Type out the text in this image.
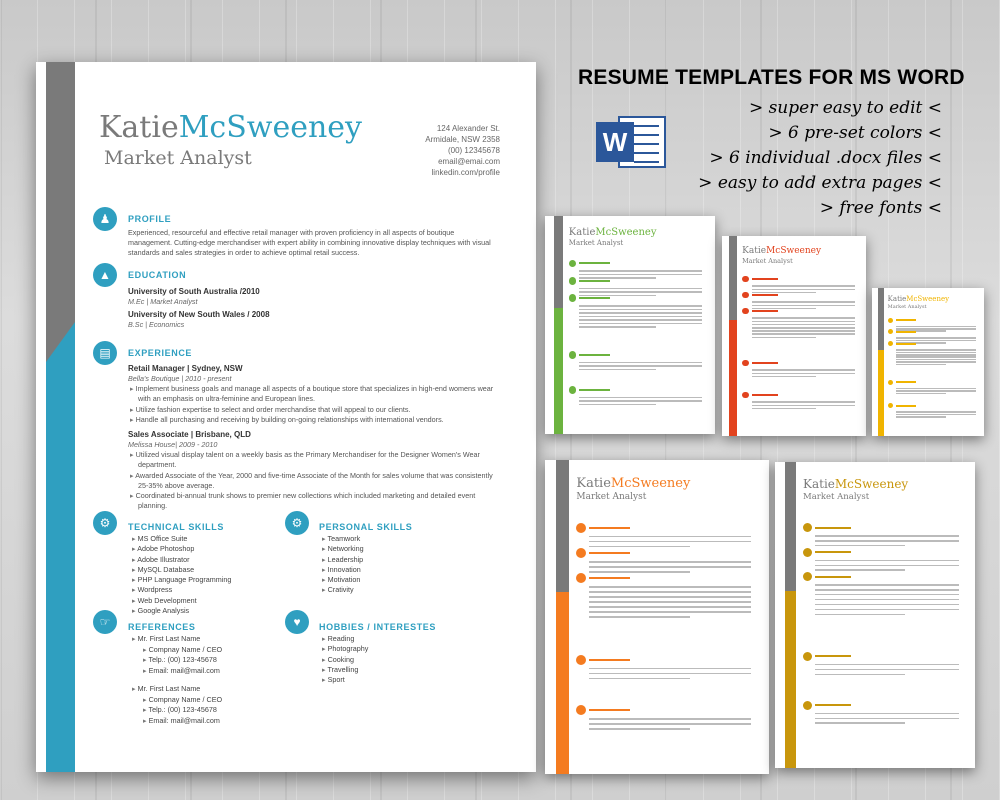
KatieMcSweeney
Market Analyst
124 Alexander St.
Armidale, NSW 2358
(00) 12345678
email@emai.com
linkedin.com/profile
♟	PROFILE
Experienced, resourceful and effective retail manager with proven proficiency in all aspects of boutique management. Cutting-edge merchandiser with expert ability in combining innovative display techniques with visual standards and sales strategies in order to achieve optimal retail success.
▲	EDUCATION
University of South Australia /2010
M.Ec | Market Analyst
University of New South Wales / 2008
B.Sc | Economics
▤	EXPERIENCE
Retail Manager | Sydney, NSW
Bella's Boutique | 2010 - present
▸ Implement business goals and manage all aspects of a boutique store that specializes in high-end womens wear with an emphasis on ultra-feminine and European lines.
▸ Utilize fashion expertise to select and order merchandise that will appeal to our clients.
▸ Handle all purchasing and receiving by building on-going relationships with international vendors.
Sales Associate | Brisbane, QLD
Melissa House| 2009 - 2010
▸ Utilized visual display talent on a weekly basis as the Primary Merchandiser for the Designer Women's Wear department.
▸ Awarded Associate of the Year, 2000 and five-time Associate of the Month for sales volume that was consistently 25-35% above average.
▸ Coordinated bi-annual trunk shows to premier new collections which included marketing and detailed event planning.
⚙	TECHNICAL SKILLS
▸ MS Office Suite
▸ Adobe Photoshop
▸ Adobe Illustrator
▸ MySQL Database
▸ PHP Language Programming
▸ Wordpress
▸ Web Development
▸ Google Analysis
⚙	PERSONAL SKILLS
▸ Teamwork
▸ Networking
▸ Leadership
▸ Innovation
▸ Motivation
▸ Crativity
☞	REFERENCES
▸ Mr. First Last Name
▸ Compnay Name / CEO
▸ Telp.: (00) 123-45678
▸ Email: mail@mail.com
▸ Mr. First Last Name
▸ Compnay Name / CEO
▸ Telp.: (00) 123-45678
▸ Email: mail@mail.com
♥	HOBBIES / INTERESTES
▸ Reading
▸ Photography
▸ Cooking
▸ Travelling
▸ Sport
RESUME TEMPLATES FOR MS WORD
W
> super easy to edit <
> 6 pre-set colors <
> 6 individual .docx files <
> easy to add extra pages <
> free fonts <
KatieMcSweeney
Market Analyst
KatieMcSweeney
Market Analyst
KatieMcSweeney
Market Analyst
KatieMcSweeney
Market Analyst
KatieMcSweeney
Market Analyst
